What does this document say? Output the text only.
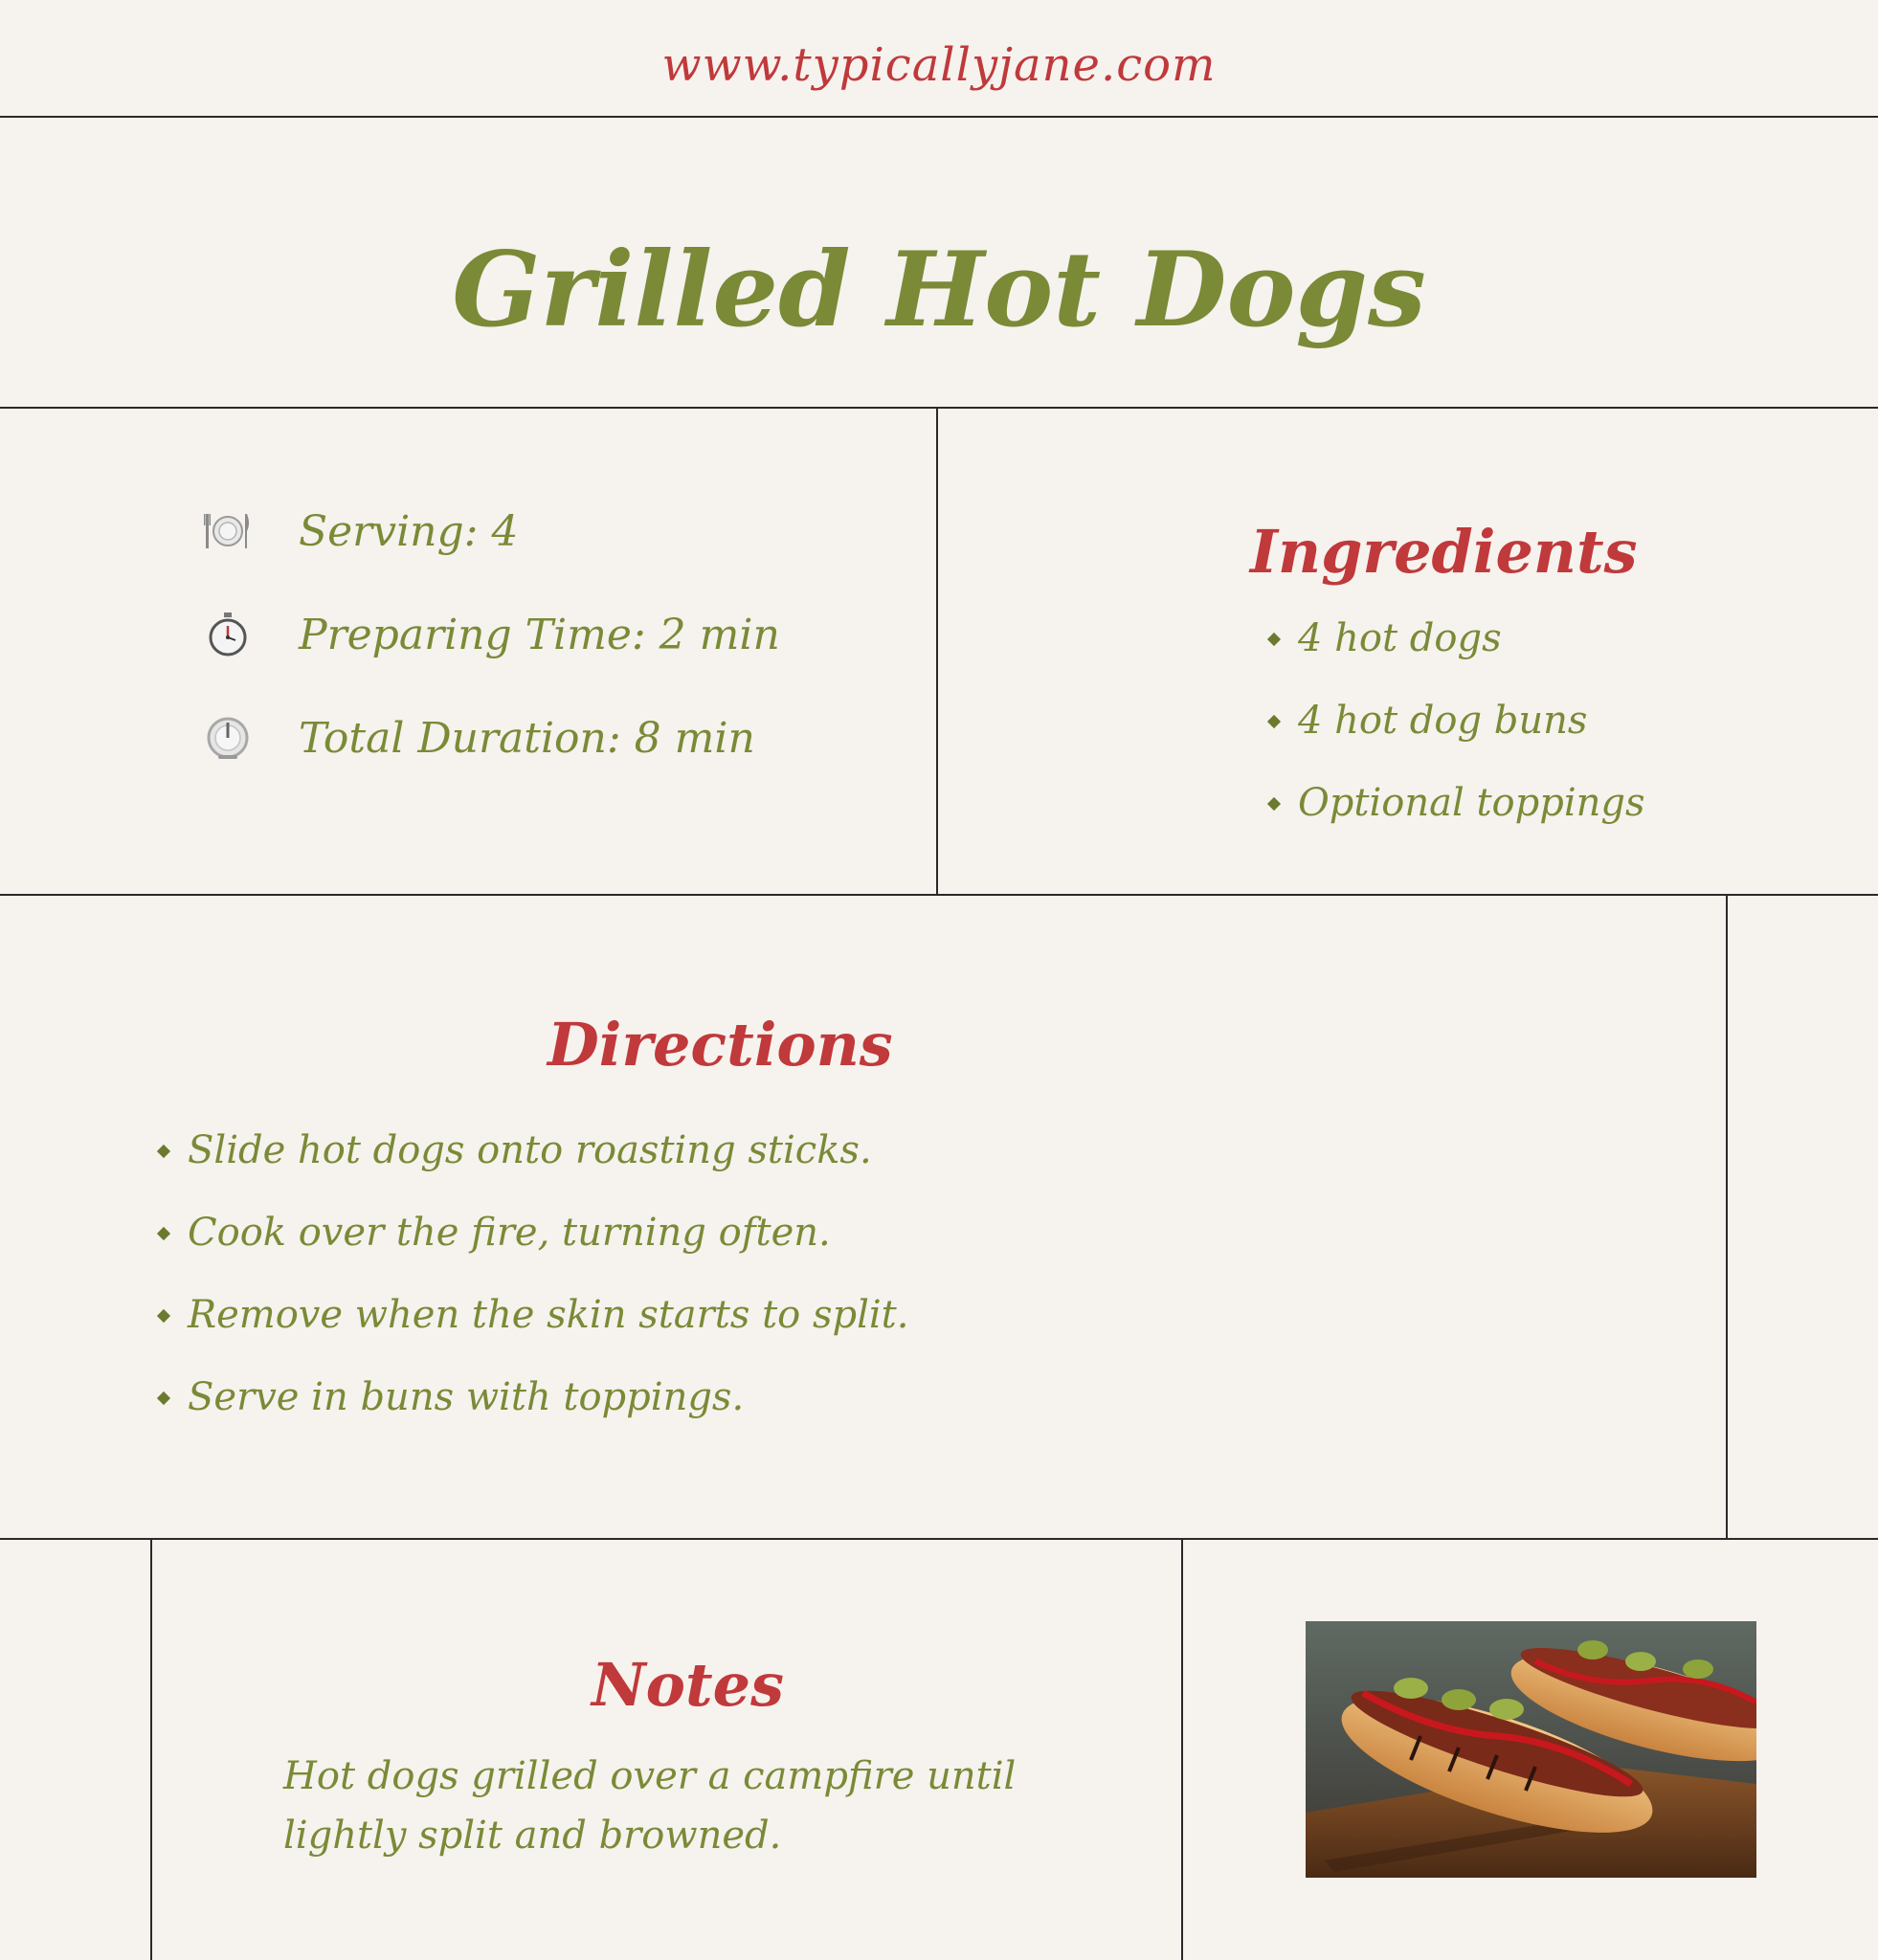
www.typicallyjane.com
Grilled Hot Dogs
Serving: 4
Preparing Time: 2 min
Total Duration: 8 min
Ingredients
4 hot dogs
4 hot dog buns
Optional toppings
Directions
Slide hot dogs onto roasting sticks.
Cook over the fire, turning often.
Remove when the skin starts to split.
Serve in buns with toppings.
Notes
Hot dogs grilled over a campfire until lightly split and browned.
